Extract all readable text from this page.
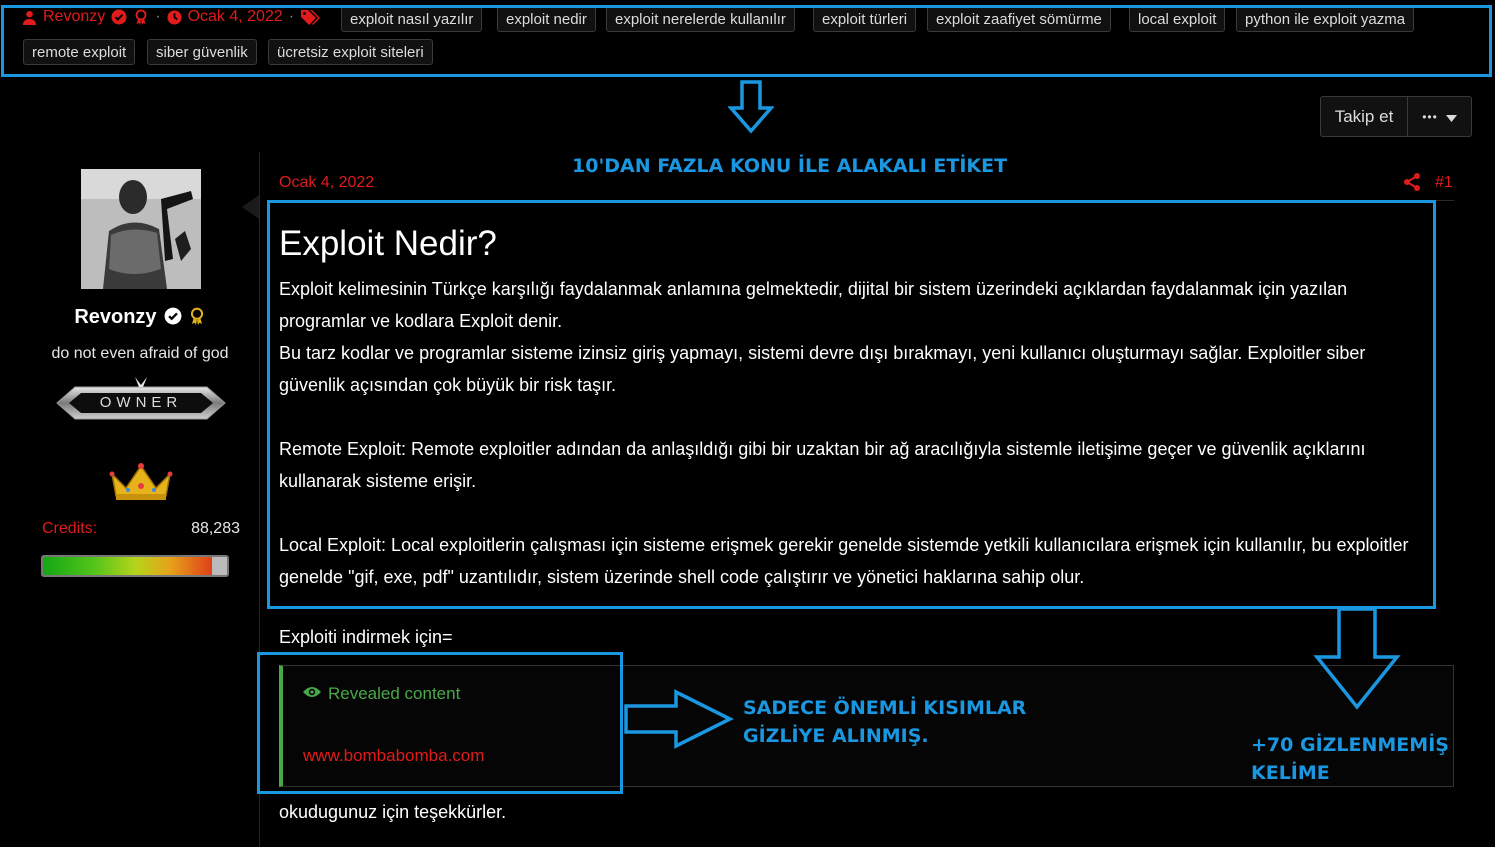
Revonzy	· Ocak 4, 2022 ·	exploit nasıl yazılır	exploit nedir	exploit nerelerde kullanılır	exploit türleri	exploit zaafiyet sömürme	local exploit	python ile exploit yazma
remote exploit	siber güvenlik	ücretsiz exploit siteleri
10'DAN FAZLA KONU İLE ALAKALI ETİKET
Takip et	•••
Revonzy
do not even afraid of god
OWNER
Credits:	88,283
Ocak 4, 2022	#1
Exploit Nedir?

Exploit kelimesinin Türkçe karşılığı faydalanmak anlamına gelmektedir, dijital bir sistem üzerindeki açıklardan faydalanmak için yazılan programlar ve kodlara Exploit denir.

Bu tarz kodlar ve programlar sisteme izinsiz giriş yapmayı, sistemi devre dışı bırakmayı, yeni kullanıcı oluşturmayı sağlar. Exploitler siber güvenlik açısından çok büyük bir risk taşır.

Remote Exploit: Remote exploitler adından da anlaşıldığı gibi bir uzaktan bir ağ aracılığıyla sistemle iletişime geçer ve güvenlik açıklarını kullanarak sisteme erişir.

Local Exploit: Local exploitlerin çalışması için sisteme erişmek gerekir genelde sistemde yetkili kullanıcılara erişmek için kullanılır, bu exploitler genelde "gif, exe, pdf" uzantılıdır, sistem üzerinde shell code çalıştırır ve yönetici haklarına sahip olur.

Exploiti indirmek için=
Revealed content
www.bombabomba.com
SADECE ÖNEMLİ KISIMLAR
GİZLİYE ALINMIŞ.	+70 GİZLENMEMİŞ
KELİME
okudugunuz için teşekkürler.
